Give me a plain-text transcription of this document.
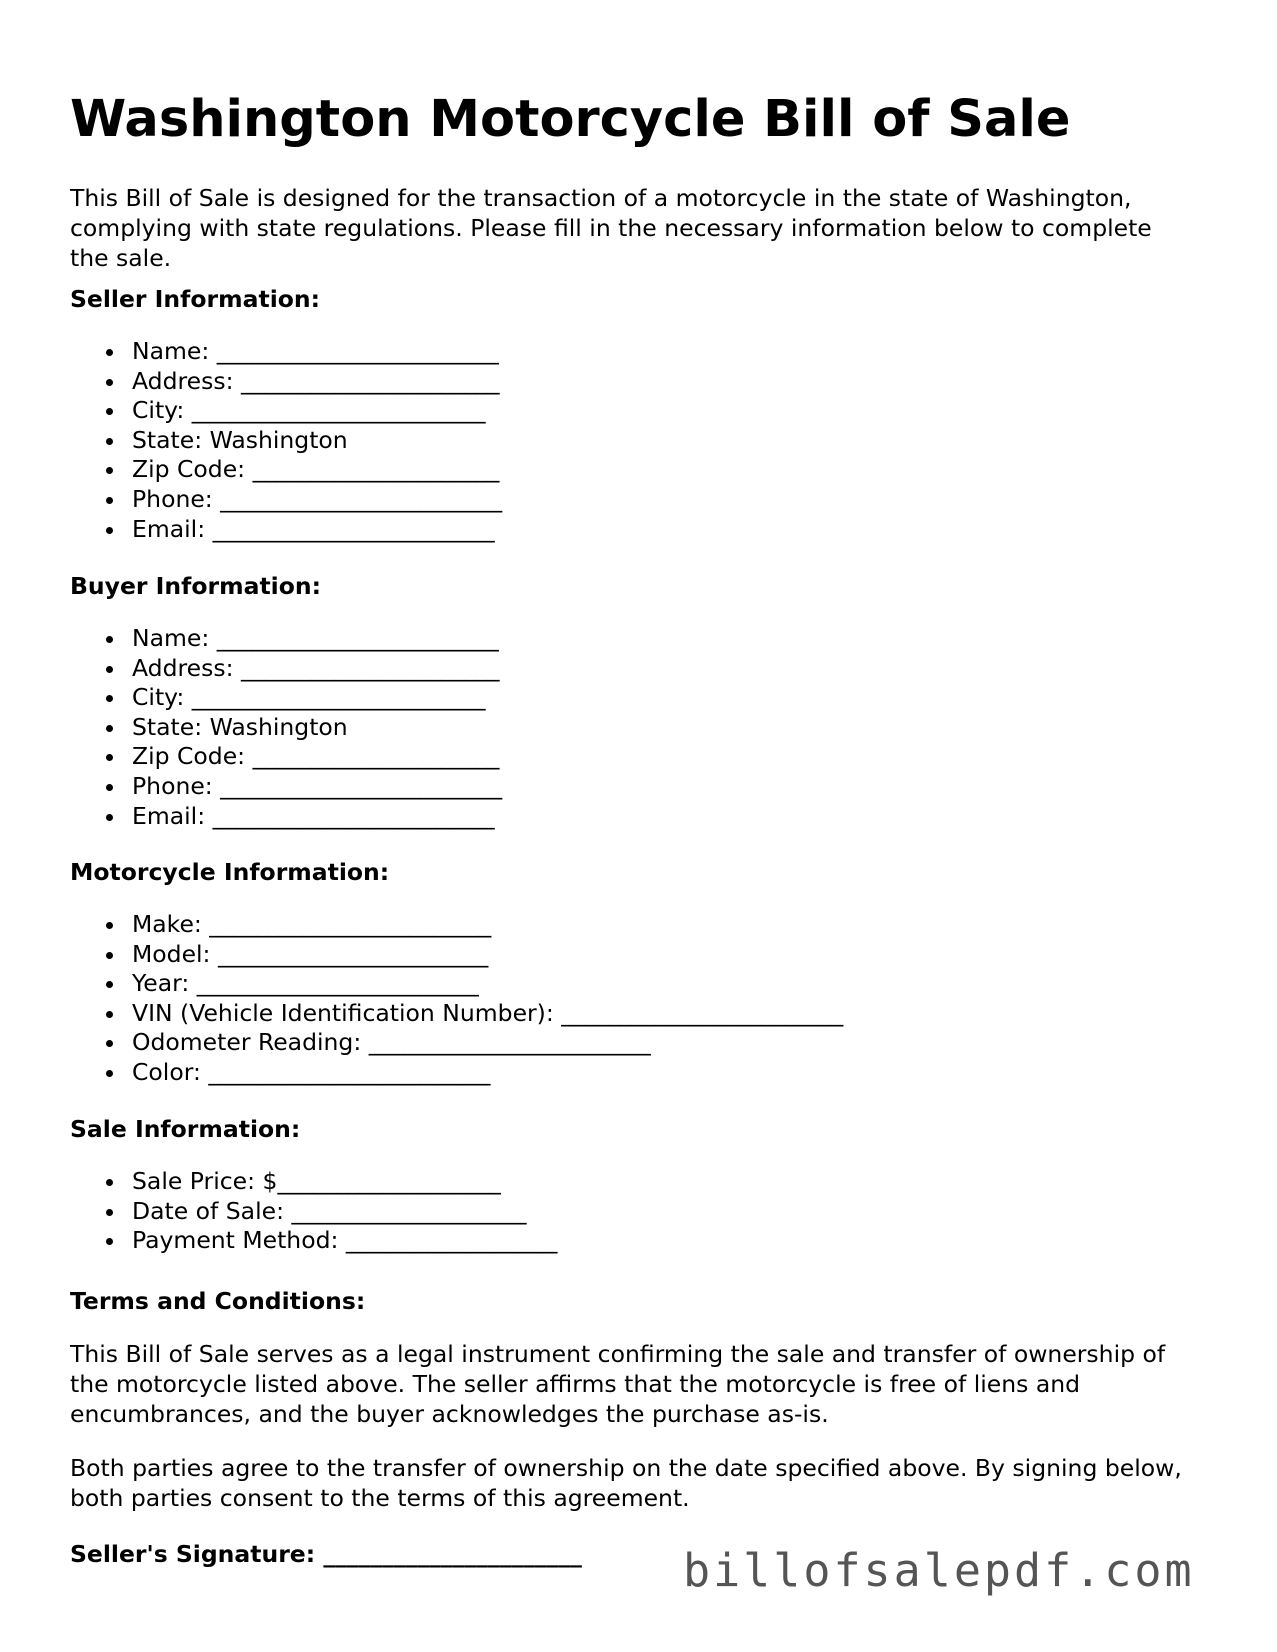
Washington Motorcycle Bill of Sale

This Bill of Sale is designed for the transaction of a motorcycle in the state of Washington, complying with state regulations. Please fill in the necessary information below to complete the sale.

Seller Information:

Name: ________________________
Address: ______________________
City: _________________________
State: Washington
Zip Code: _____________________
Phone: ________________________
Email: ________________________

Buyer Information:

Name: ________________________
Address: ______________________
City: _________________________
State: Washington
Zip Code: _____________________
Phone: ________________________
Email: ________________________

Motorcycle Information:

Make: ________________________
Model: _______________________
Year: ________________________
VIN (Vehicle Identification Number): ________________________
Odometer Reading: ________________________
Color: ________________________

Sale Information:

Sale Price: $___________________
Date of Sale: ____________________
Payment Method: __________________

Terms and Conditions:

This Bill of Sale serves as a legal instrument confirming the sale and transfer of ownership of the motorcycle listed above. The seller affirms that the motorcycle is free of liens and encumbrances, and the buyer acknowledges the purchase as-is.

Both parties agree to the transfer of ownership on the date specified above. By signing below, both parties consent to the terms of this agreement.

Seller's Signature: ______________________ billofsalepdf.com
